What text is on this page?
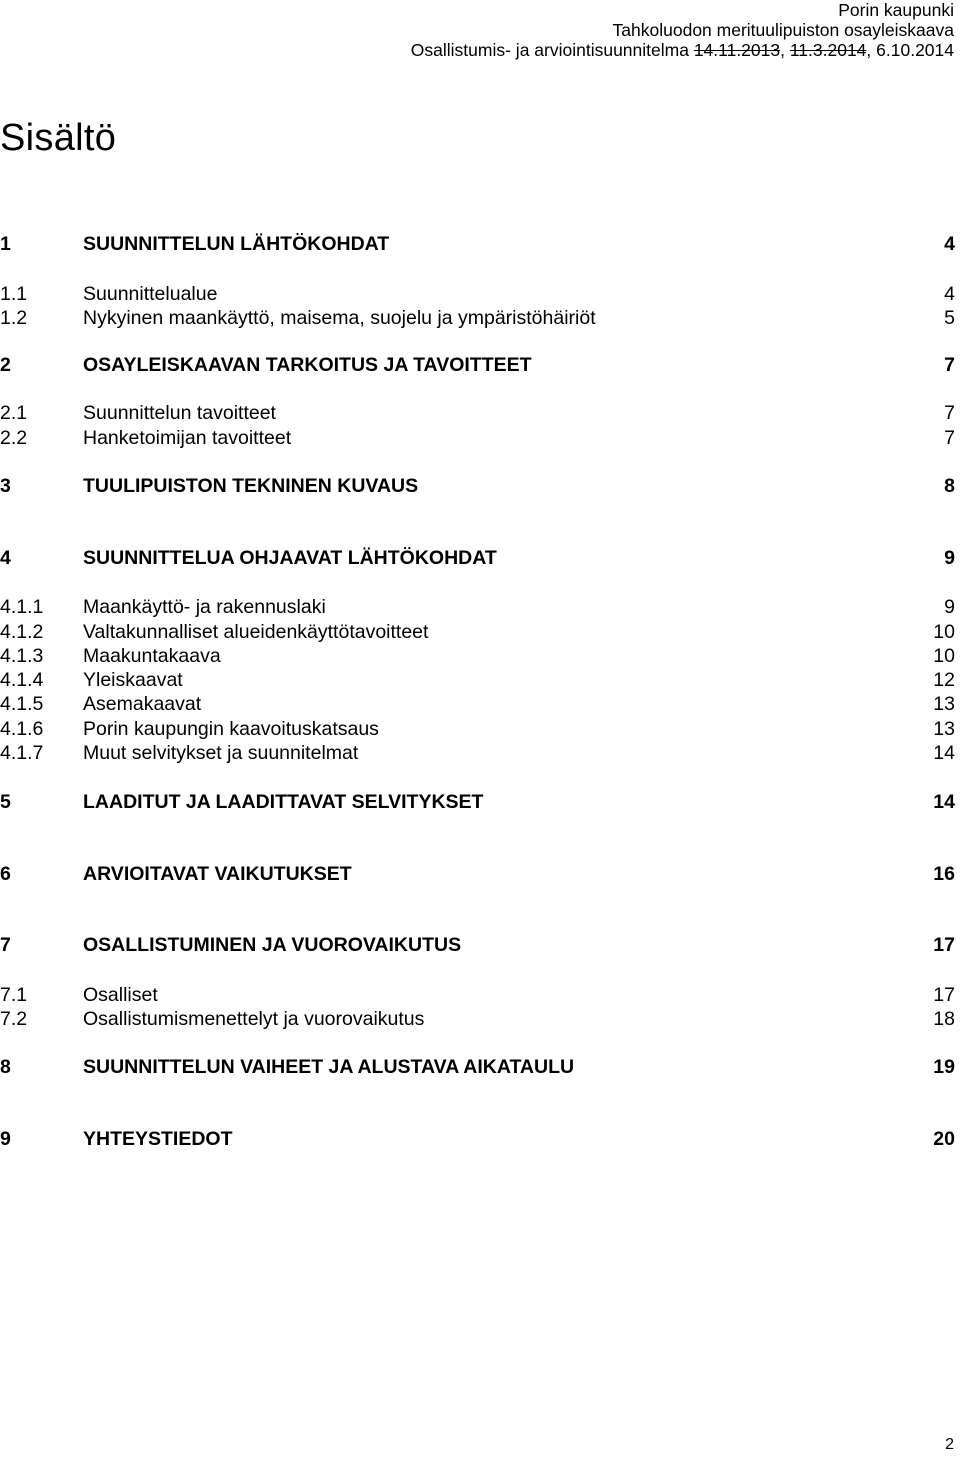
Porin kaupunki
Tahkoluodon merituulipuiston osayleiskaava
Osallistumis- ja arviointisuunnitelma 14.11.2013, 11.3.2014, 6.10.2014
Sisältö
1	SUUNNITTELUN LÄHTÖKOHDAT	4
1.1	Suunnittelualue	4
1.2	Nykyinen maankäyttö, maisema, suojelu ja ympäristöhäiriöt	5
2	OSAYLEISKAAVAN TARKOITUS JA TAVOITTEET	7
2.1	Suunnittelun tavoitteet	7
2.2	Hanketoimijan tavoitteet	7
3	TUULIPUISTON TEKNINEN KUVAUS	8
4	SUUNNITTELUA OHJAAVAT LÄHTÖKOHDAT	9
4.1.1 Maankäyttö- ja rakennuslaki	9
4.1.2 Valtakunnalliset alueidenkäyttötavoitteet	10
4.1.3 Maakuntakaava	10
4.1.4 Yleiskaavat	12
4.1.5 Asemakaavat	13
4.1.6 Porin kaupungin kaavoituskatsaus	13
4.1.7 Muut selvitykset ja suunnitelmat	14
5	LAADITUT JA LAADITTAVAT SELVITYKSET	14
6	ARVIOITAVAT VAIKUTUKSET	16
7	OSALLISTUMINEN JA VUOROVAIKUTUS	17
7.1	Osalliset	17
7.2	Osallistumismenettelyt ja vuorovaikutus	18
8	SUUNNITTELUN VAIHEET JA ALUSTAVA AIKATAULU	19
9	YHTEYSTIEDOT	20
2
